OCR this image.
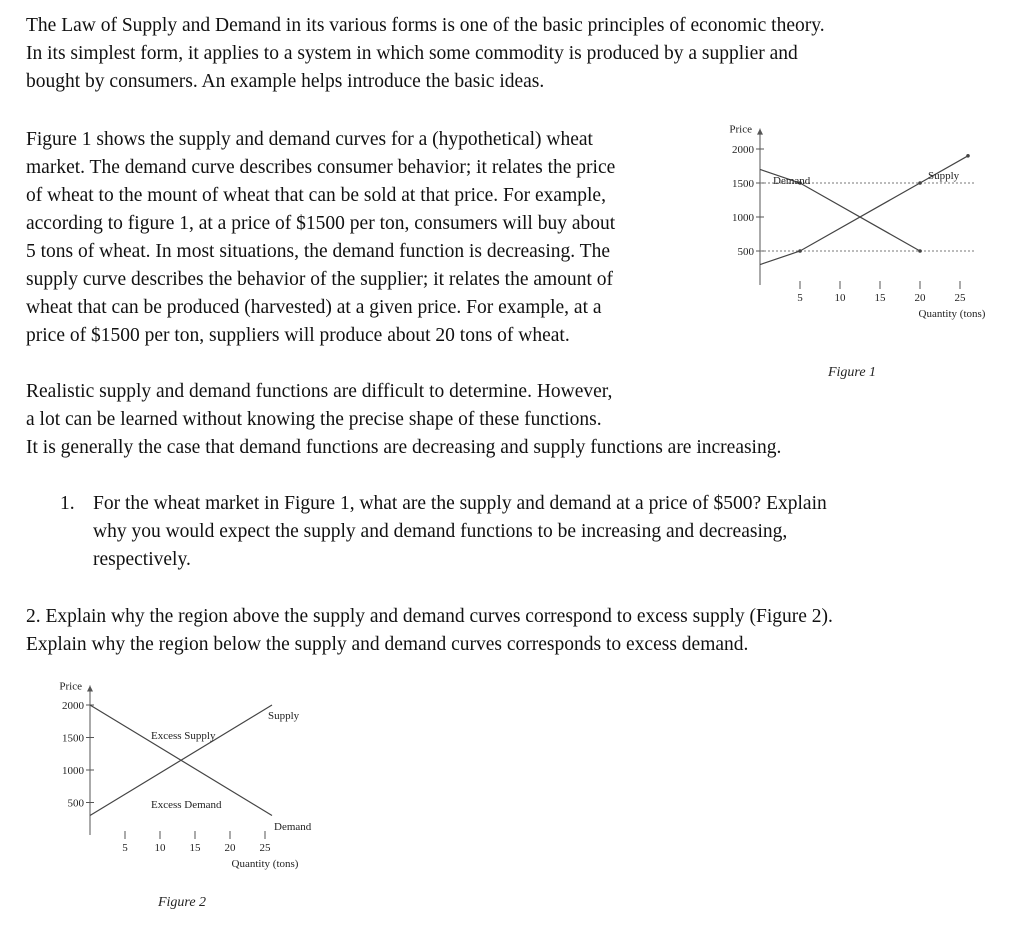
The Law of Supply and Demand in its various forms is one of the basic principles of economic theory.
In its simplest form, it applies to a system in which some commodity is produced by a supplier and
bought by consumers. An example helps introduce the basic ideas.
Figure 1 shows the supply and demand curves for a (hypothetical) wheat
market. The demand curve describes consumer behavior; it relates the price
of wheat to the mount of wheat that can be sold at that price. For example,
according to figure 1, at a price of $1500 per ton, consumers will buy about
5 tons of wheat. In most situations, the demand function is decreasing. The
supply curve describes the behavior of the supplier; it relates the amount of
wheat that can be produced (harvested) at a given price. For example, at a
price of $1500 per ton, suppliers will produce about 20 tons of wheat.
Price
500
1000
1500
2000
5	10	15	20	25
Quantity (tons)
Figure 1
Demand	Supply
Realistic supply and demand functions are difficult to determine. However,
a lot can be learned without knowing the precise shape of these functions.
It is generally the case that demand functions are decreasing and supply functions are increasing.
1. For the wheat market in Figure 1, what are the supply and demand at a price of $500? Explain
why you would expect the supply and demand functions to be increasing and decreasing,
respectively.
2. Explain why the region above the supply and demand curves correspond to excess supply (Figure 2).
Explain why the region below the supply and demand curves corresponds to excess demand.
Price
500
1000
1500
2000
5 10 15 20 25
Quantity (tons)
Figure 2
Supply
Demand
Excess Supply
Excess Demand
